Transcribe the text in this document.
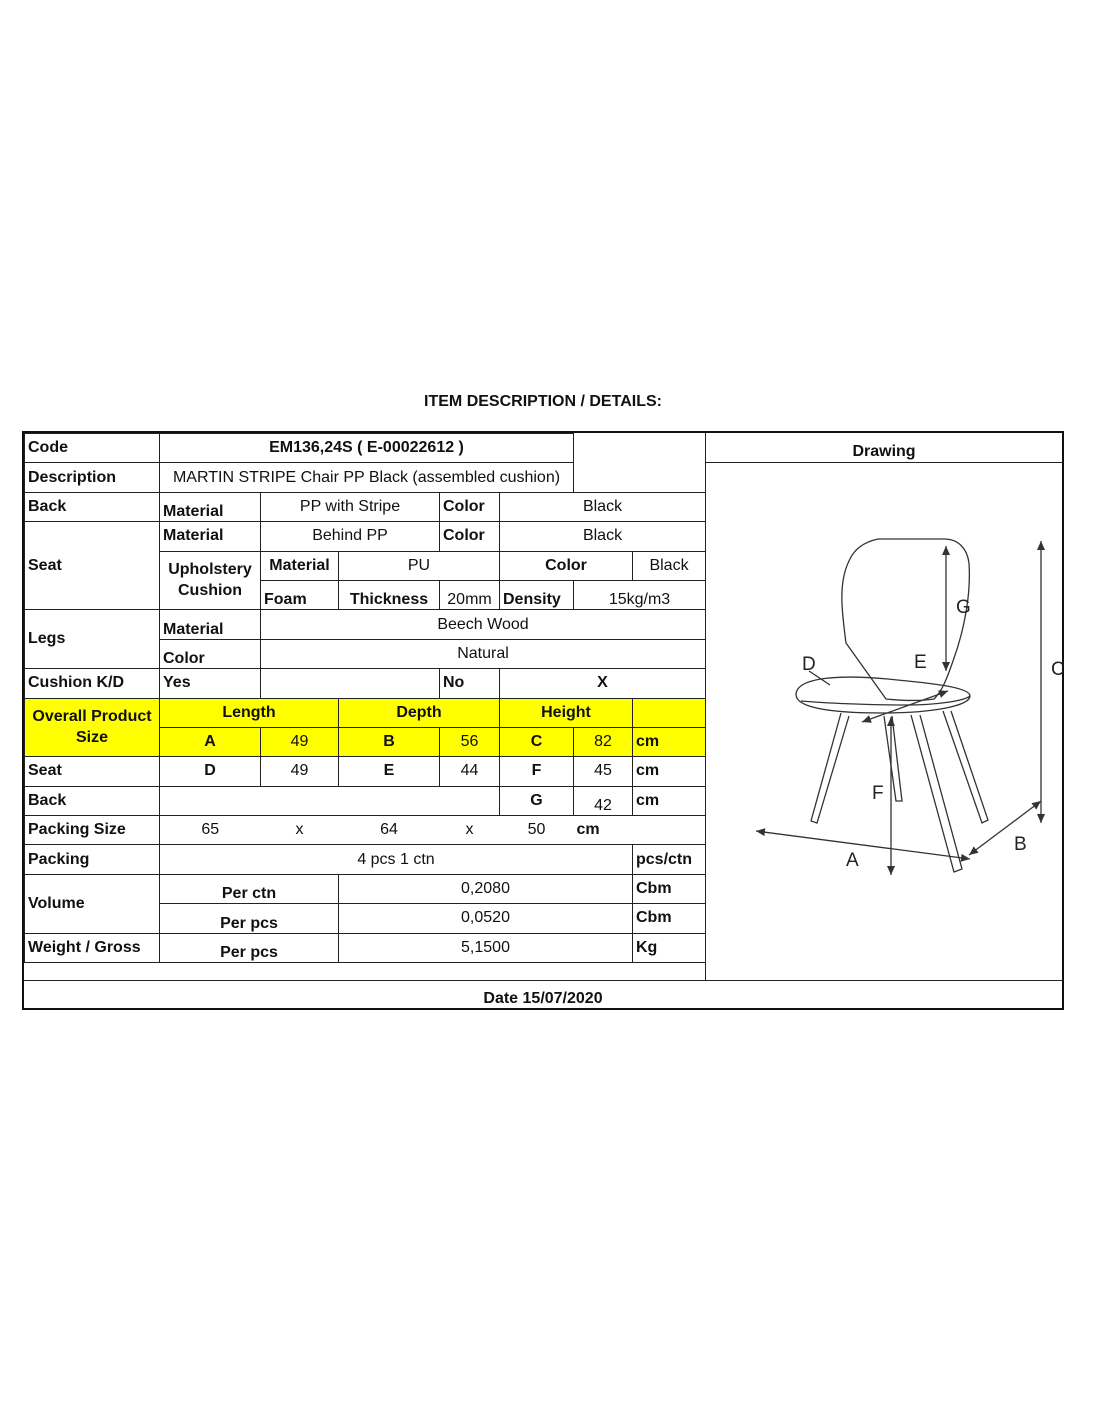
ITEM DESCRIPTION / DETAILS:
Code	EM136,24S ( E-00022612 )						
Description	MARTIN STRIPE Chair PP Black (assembled cushion)						
Back	Material	PP with Stripe		Color	Black		
Seat	Material	Behind PP		Color	Black		
	Upholstery
Cushion	Material	PU		Color		Black
		Foam	Thickness	20mm	Density	15kg/m3	
Legs	Material	Beech Wood					
	Color	Natural					
Cushion K/D	Yes			No	X		
Overall Product
Size	Length		Depth		Height		
	A	49	B	56	C	82	cm
Seat	D	49	E	44	F	45	cm
Back					G	42	cm
Packing Size	65	x	64	x	50	cm	
Packing	4 pcs 1 ctn						pcs/ctn
Volume	Per ctn		0,2080				Cbm
	Per pcs		0,0520				Cbm
Weight / Gross	Per pcs		5,1500				Kg
Drawing
G
E
D	C
F
A
B
Date 15/07/2020
